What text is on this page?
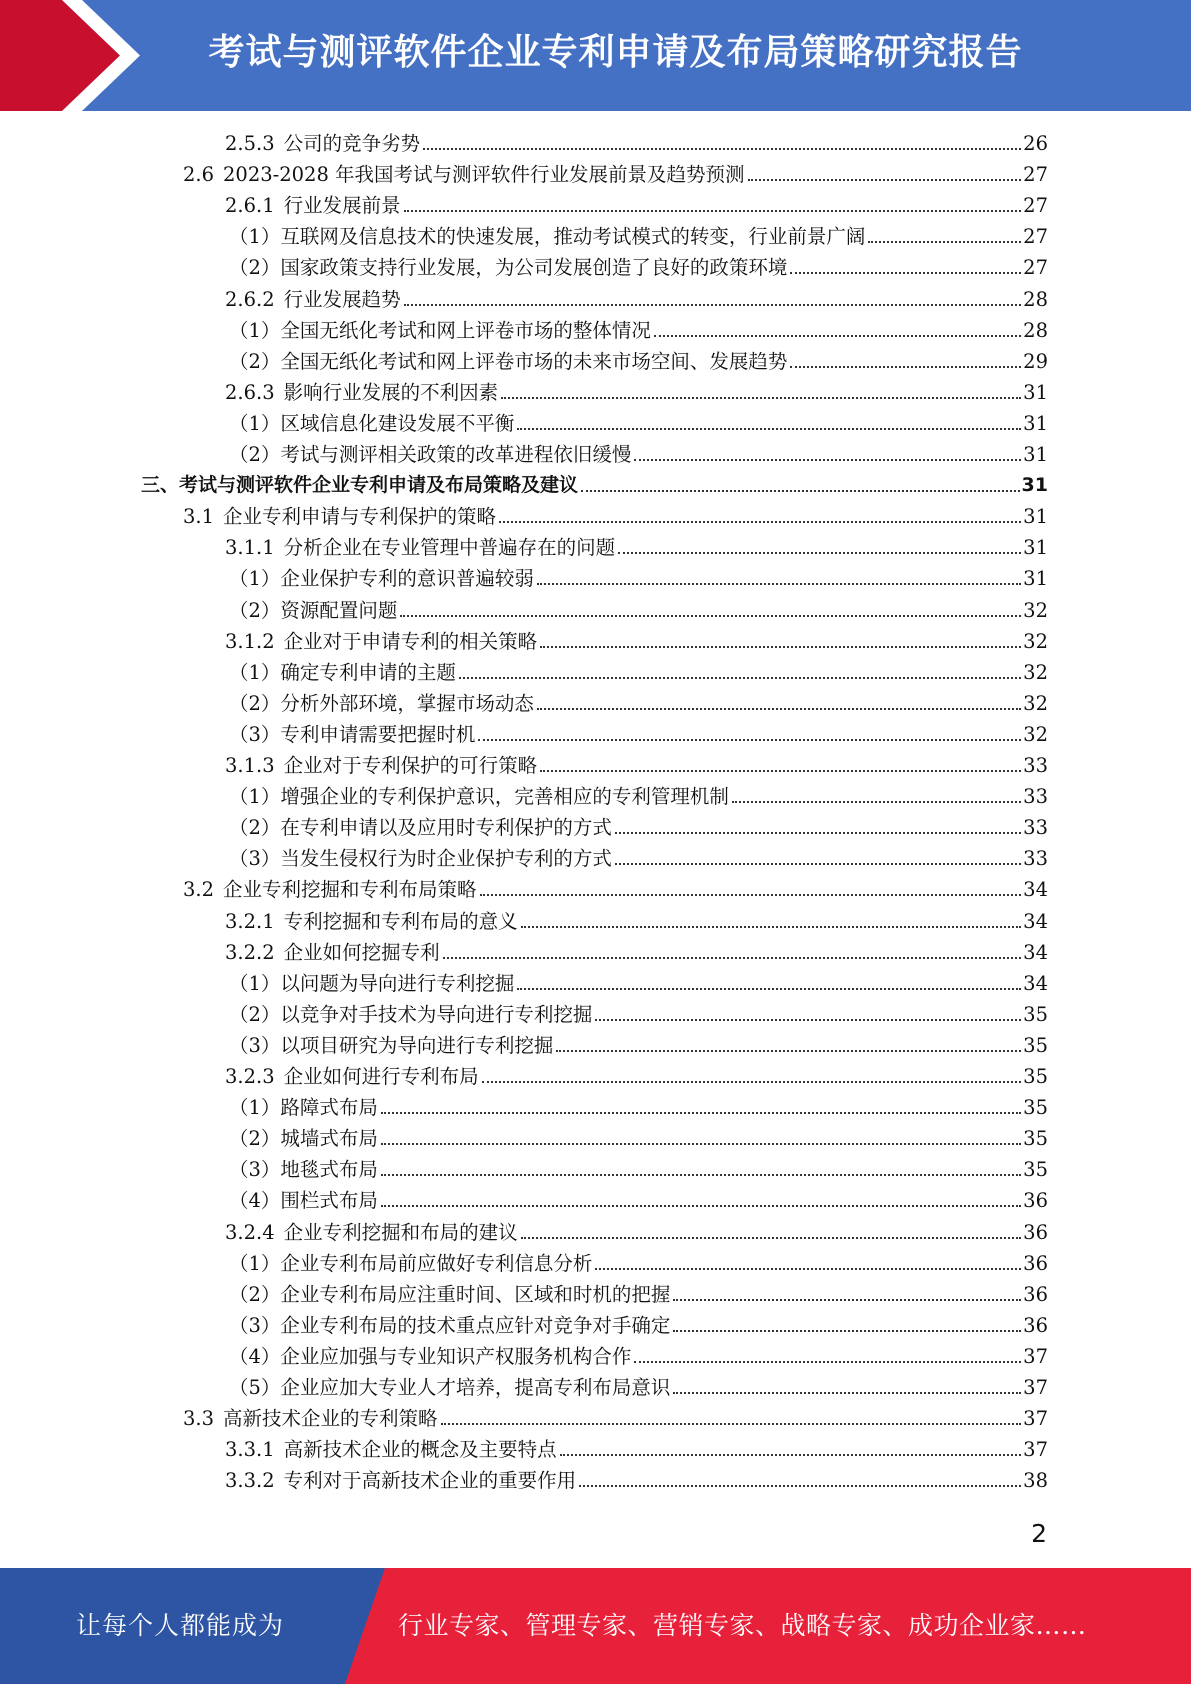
考试与测评软件企业专利申请及布局策略研究报告
2.5.3 公司的竞争劣势	26
2.6 2023-2028 年我国考试与测评软件行业发展前景及趋势预测	27
2.6.1 行业发展前景	27
（1） 互联网及信息技术的快速发展，推动考试模式的转变，行业前景广阔	27
（2） 国家政策支持行业发展，为公司发展创造了良好的政策环境	27
2.6.2 行业发展趋势	28
（1） 全国无纸化考试和网上评卷市场的整体情况	28
（2） 全国无纸化考试和网上评卷市场的未来市场空间、发展趋势	29
2.6.3 影响行业发展的不利因素	31
（1） 区域信息化建设发展不平衡	31
（2） 考试与测评相关政策的改革进程依旧缓慢	31
三、 考试与测评软件企业专利申请及布局策略及建议	31
3.1 企业专利申请与专利保护的策略	31
3.1.1 分析企业在专业管理中普遍存在的问题	31
（1） 企业保护专利的意识普遍较弱	31
（2） 资源配置问题	32
3.1.2 企业对于申请专利的相关策略	32
（1） 确定专利申请的主题	32
（2） 分析外部环境，掌握市场动态	32
（3） 专利申请需要把握时机	32
3.1.3 企业对于专利保护的可行策略	33
（1） 增强企业的专利保护意识，完善相应的专利管理机制	33
（2） 在专利申请以及应用时专利保护的方式	33
（3） 当发生侵权行为时企业保护专利的方式	33
3.2 企业专利挖掘和专利布局策略	34
3.2.1 专利挖掘和专利布局的意义	34
3.2.2 企业如何挖掘专利	34
（1） 以问题为导向进行专利挖掘	34
（2） 以竞争对手技术为导向进行专利挖掘	35
（3） 以项目研究为导向进行专利挖掘	35
3.2.3 企业如何进行专利布局	35
（1） 路障式布局	35
（2） 城墙式布局	35
（3） 地毯式布局	35
（4） 围栏式布局	36
3.2.4 企业专利挖掘和布局的建议	36
（1） 企业专利布局前应做好专利信息分析	36
（2） 企业专利布局应注重时间、区域和时机的把握	36
（3） 企业专利布局的技术重点应针对竞争对手确定	36
（4） 企业应加强与专业知识产权服务机构合作	37
（5） 企业应加大专业人才培养，提高专利布局意识	37
3.3 高新技术企业的专利策略	37
3.3.1 高新技术企业的概念及主要特点	37
3.3.2 专利对于高新技术企业的重要作用	38
2
让每个人都能成为	行业专家、管理专家、营销专家、战略专家、成功企业家……
